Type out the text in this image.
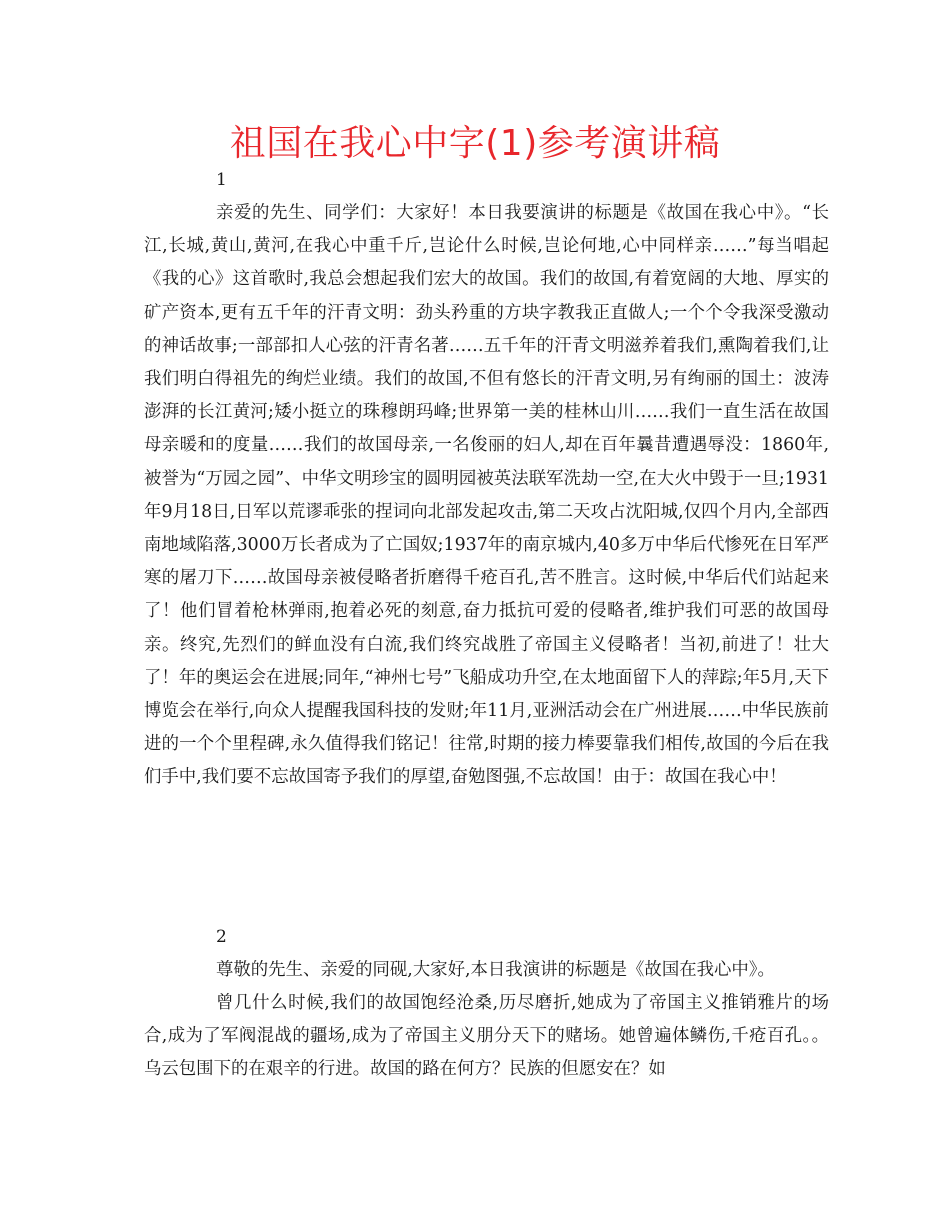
祖国在我心中字(1)参考演讲稿
1

亲爱的先生、同学们：大家好！本日我要演讲的标题是《故国在我心中》。“长江,长城,黄山,黄河,在我心中重千斤,岂论什么时候,岂论何地,心中同样亲……”每当唱起《我的心》这首歌时,我总会想起我们宏大的故国。我们的故国,有着宽阔的大地、厚实的矿产资本,更有五千年的汗青文明：劲头矜重的方块字教我正直做人;一个个令我深受激动的神话故事;一部部扣人心弦的汗青名著……五千年的汗青文明滋养着我们,熏陶着我们,让我们明白得祖先的绚烂业绩。我们的故国,不但有悠长的汗青文明,另有绚丽的国土：波涛澎湃的长江黄河;矮小挺立的珠穆朗玛峰;世界第一美的桂林山川……我们一直生活在故国母亲暖和的度量……我们的故国母亲,一名俊丽的妇人,却在百年曩昔遭遇辱没：1860年,被誉为“万园之园”、中华文明珍宝的圆明园被英法联军洗劫一空,在大火中毁于一旦;1931年9月18日,日军以荒谬乖张的捏词向北部发起攻击,第二天攻占沈阳城,仅四个月内,全部西南地域陷落,3000万长者成为了亡国奴;1937年的南京城内,40多万中华后代惨死在日军严寒的屠刀下……故国母亲被侵略者折磨得千疮百孔,苦不胜言。这时候,中华后代们站起来了！他们冒着枪林弹雨,抱着必死的刻意,奋力抵抗可爱的侵略者,维护我们可恶的故国母亲。终究,先烈们的鲜血没有白流,我们终究战胜了帝国主义侵略者！当初,前进了！壮大了！年的奥运会在进展;同年,“神州七号”飞船成功升空,在太地面留下人的萍踪;年5月,天下博览会在举行,向众人提醒我国科技的发财;年11月,亚洲活动会在广州进展……中华民族前进的一个个里程碑,永久值得我们铭记！往常,时期的接力棒要靠我们相传,故国的今后在我们手中,我们要不忘故国寄予我们的厚望,奋勉图强,不忘故国！由于：故国在我心中！

2

尊敬的先生、亲爱的同砚,大家好,本日我演讲的标题是《故国在我心中》。

曾几什么时候,我们的故国饱经沧桑,历尽磨折,她成为了帝国主义推销雅片的场合,成为了军阀混战的疆场,成为了帝国主义朋分天下的赌场。她曾遍体鳞伤,千疮百孔。。乌云包围下的在艰辛的行进。故国的路在何方？民族的但愿安在？如
